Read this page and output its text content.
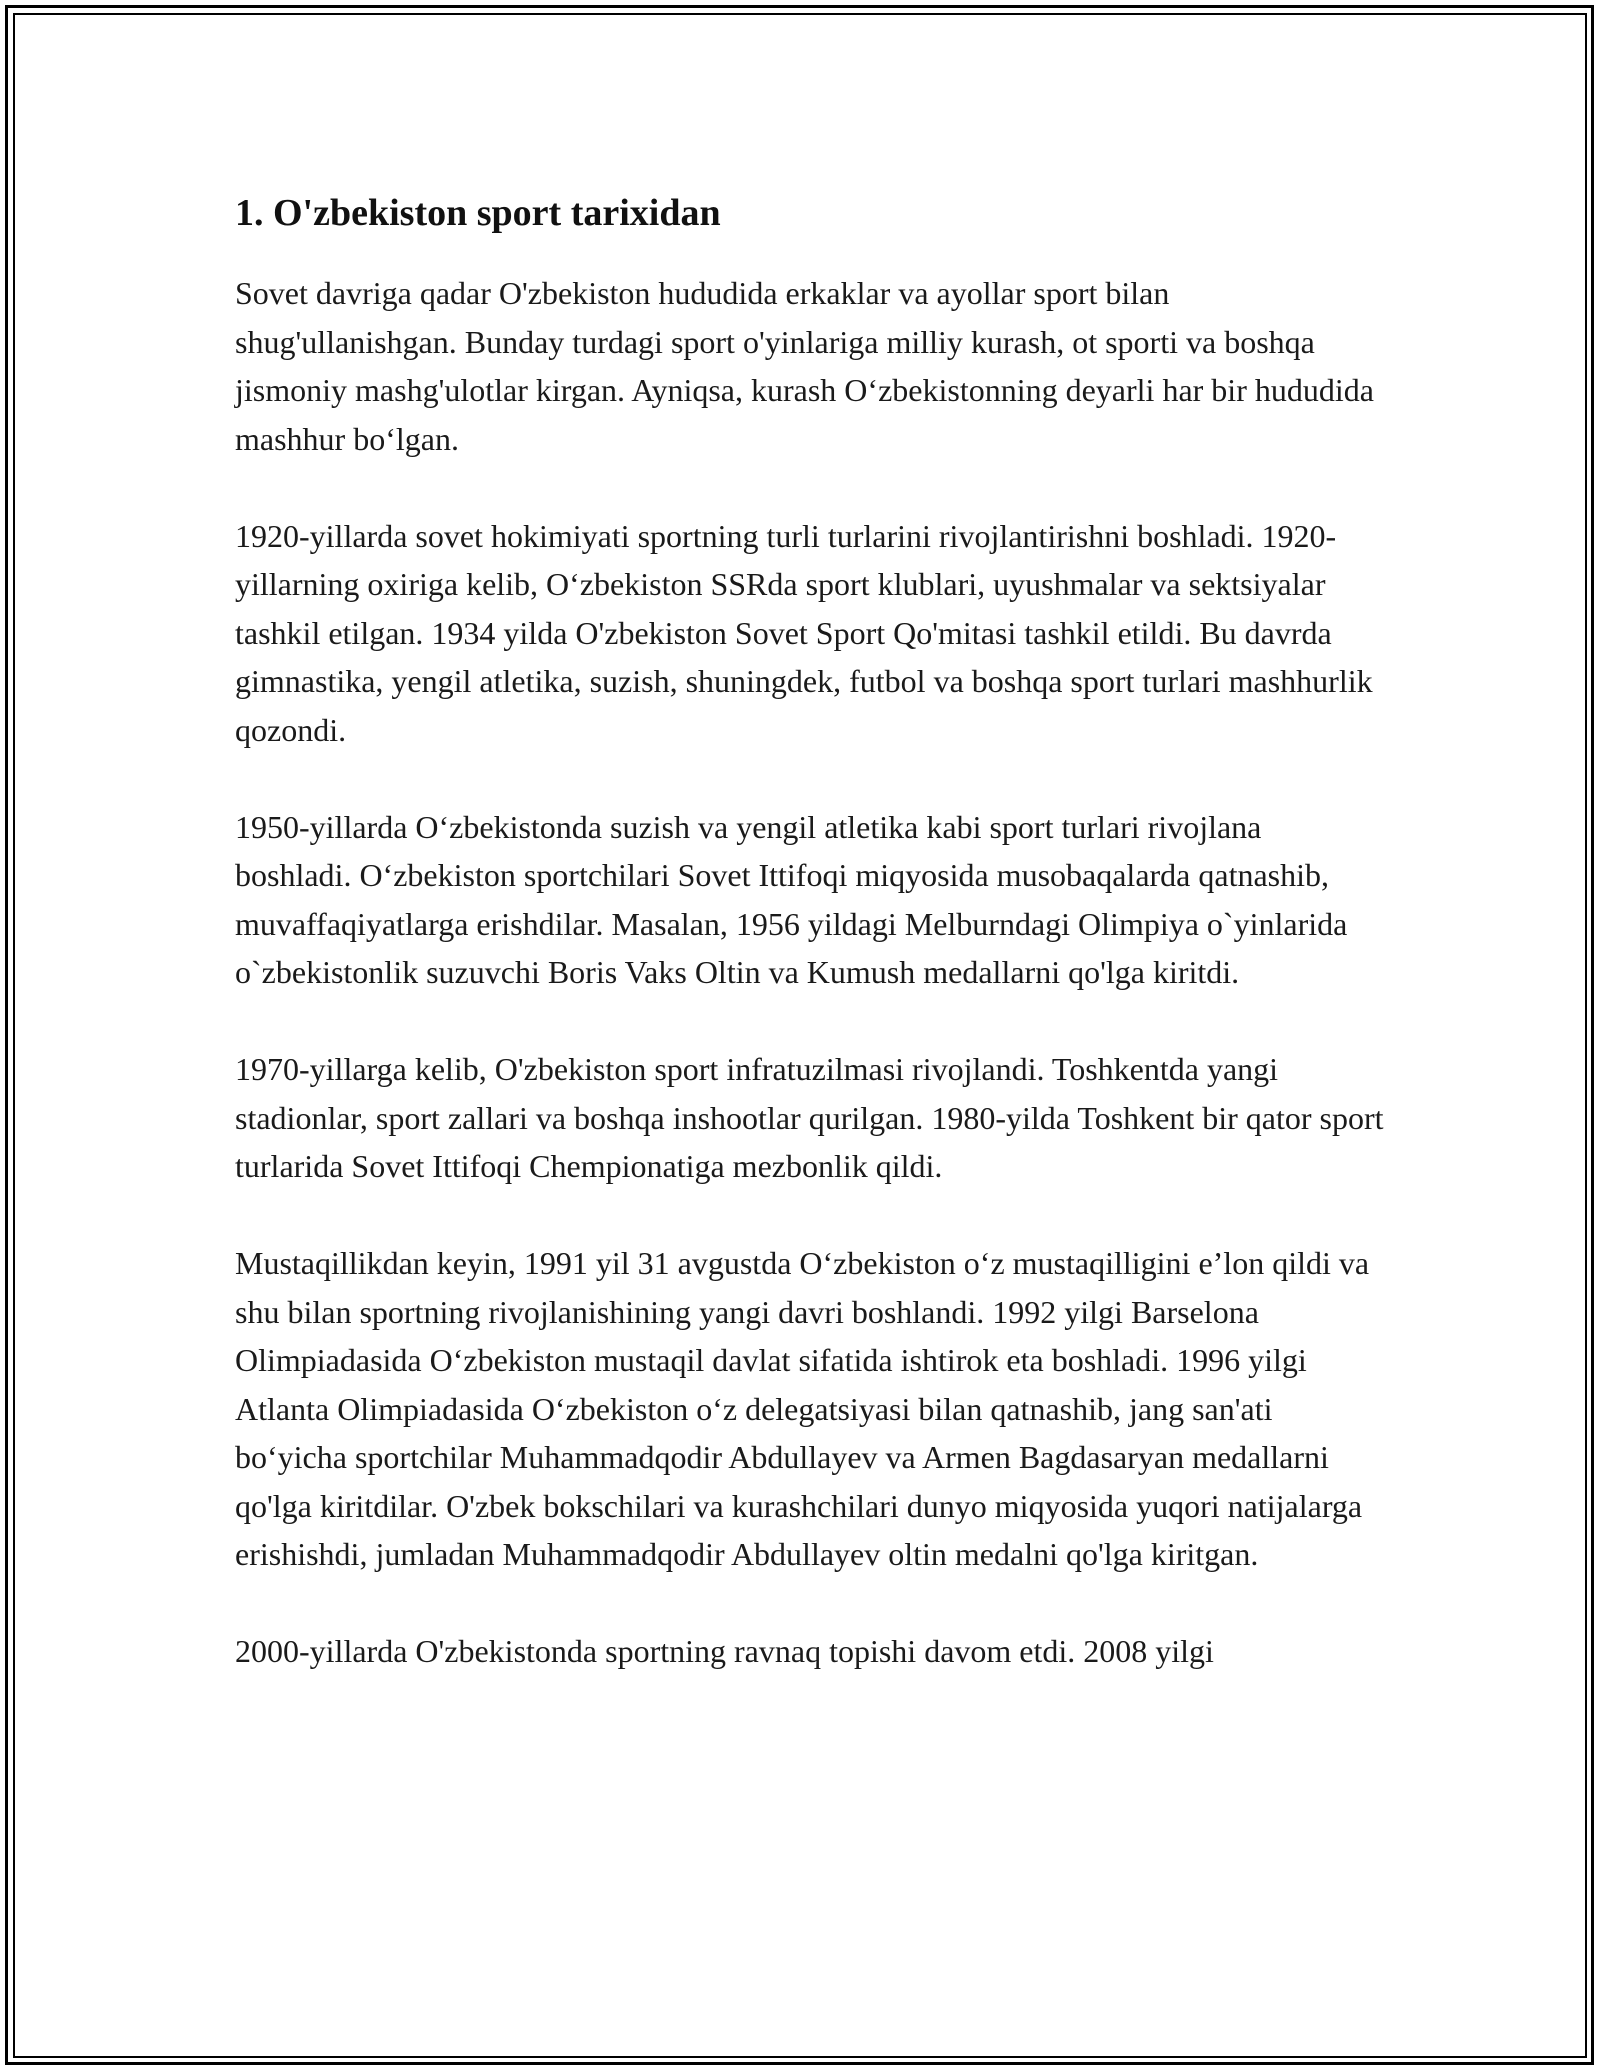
1. O'zbekiston sport tarixidan

Sovet davriga qadar O'zbekiston hududida erkaklar va ayollar sport bilan shug'ullanishgan. Bunday turdagi sport o'yinlariga milliy kurash, ot sporti va boshqa jismoniy mashg'ulotlar kirgan. Ayniqsa, kurash O‘zbekistonning deyarli har bir hududida mashhur bo‘lgan.

1920-yillarda sovet hokimiyati sportning turli turlarini rivojlantirishni boshladi. 1920-yillarning oxiriga kelib, O‘zbekiston SSRda sport klublari, uyushmalar va sektsiyalar tashkil etilgan. 1934 yilda O'zbekiston Sovet Sport Qo'mitasi tashkil etildi. Bu davrda gimnastika, yengil atletika, suzish, shuningdek, futbol va boshqa sport turlari mashhurlik qozondi.

1950-yillarda O‘zbekistonda suzish va yengil atletika kabi sport turlari rivojlana boshladi. O‘zbekiston sportchilari Sovet Ittifoqi miqyosida musobaqalarda qatnashib, muvaffaqiyatlarga erishdilar. Masalan, 1956 yildagi Melburndagi Olimpiya o`yinlarida o`zbekistonlik suzuvchi Boris Vaks Oltin va Kumush medallarni qo'lga kiritdi.

1970-yillarga kelib, O'zbekiston sport infratuzilmasi rivojlandi. Toshkentda yangi stadionlar, sport zallari va boshqa inshootlar qurilgan. 1980-yilda Toshkent bir qator sport turlarida Sovet Ittifoqi Chempionatiga mezbonlik qildi.

Mustaqillikdan keyin, 1991 yil 31 avgustda O‘zbekiston o‘z mustaqilligini e’lon qildi va shu bilan sportning rivojlanishining yangi davri boshlandi. 1992 yilgi Barselona Olimpiadasida O‘zbekiston mustaqil davlat sifatida ishtirok eta boshladi. 1996 yilgi Atlanta Olimpiadasida O‘zbekiston o‘z delegatsiyasi bilan qatnashib, jang san'ati bo‘yicha sportchilar Muhammadqodir Abdullayev va Armen Bagdasaryan medallarni qo'lga kiritdilar. O'zbek bokschilari va kurashchilari dunyo miqyosida yuqori natijalarga erishishdi, jumladan Muhammadqodir Abdullayev oltin medalni qo'lga kiritgan.

2000-yillarda O'zbekistonda sportning ravnaq topishi davom etdi. 2008 yilgi
